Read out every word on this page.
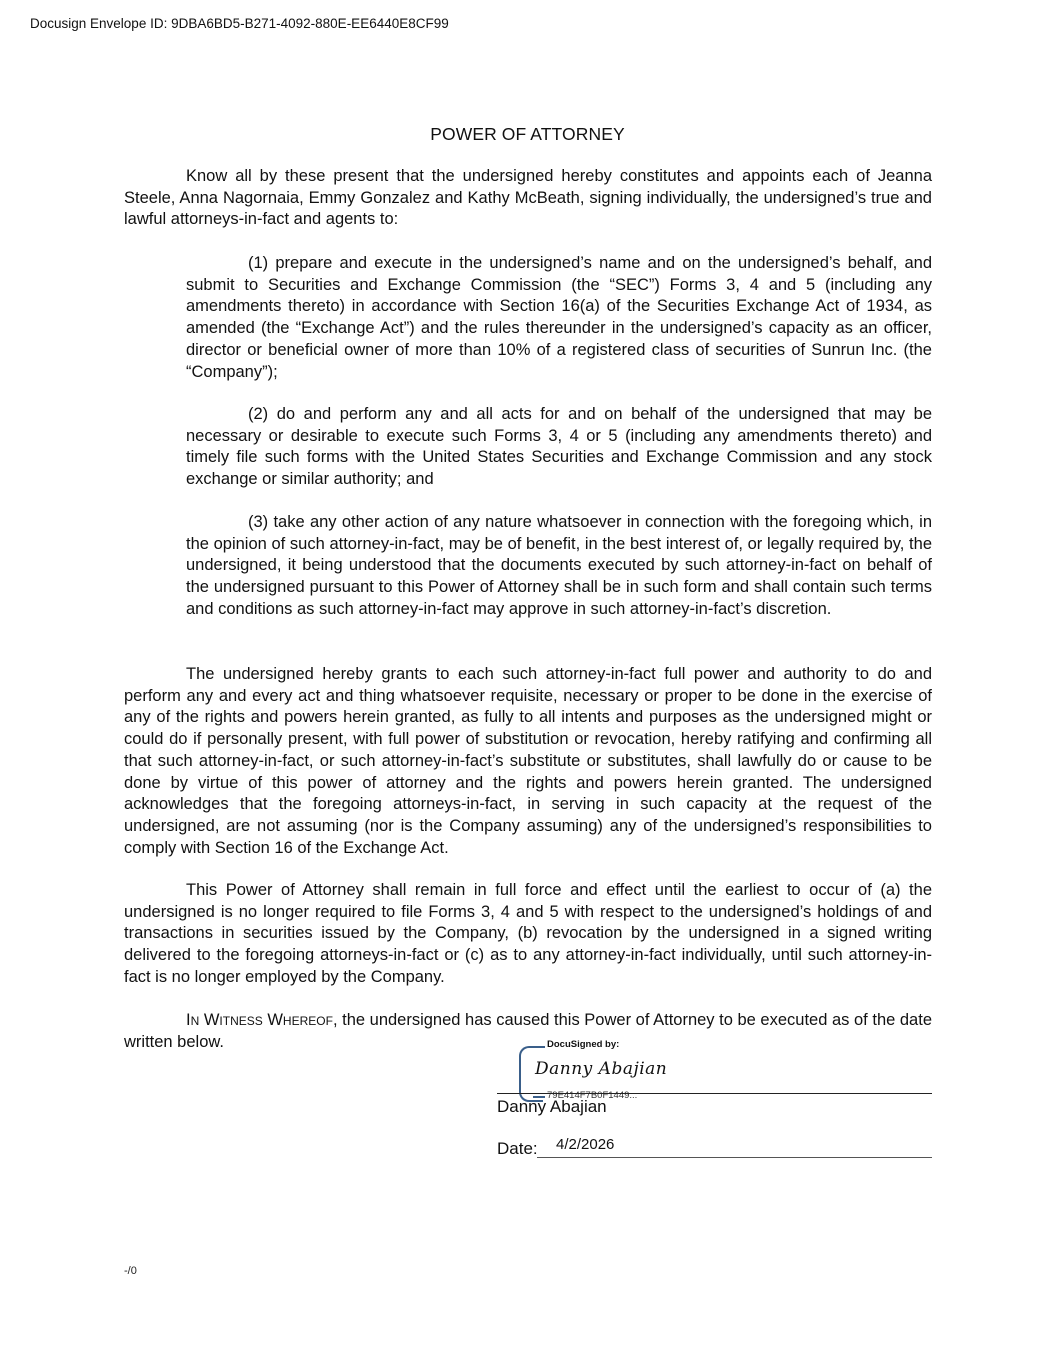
Docusign Envelope ID: 9DBA6BD5-B271-4092-880E-EE6440E8CF99
POWER OF ATTORNEY
Know all by these present that the undersigned hereby constitutes and appoints each of Jeanna Steele, Anna Nagornaia, Emmy Gonzalez and Kathy McBeath, signing individually, the undersigned’s true and lawful attorneys-in-fact and agents to:
(1) prepare and execute in the undersigned’s name and on the undersigned’s behalf, and submit to Securities and Exchange Commission (the “SEC”) Forms 3, 4 and 5 (including any amendments thereto) in accordance with Section 16(a) of the Securities Exchange Act of 1934, as amended (the “Exchange Act”) and the rules thereunder in the undersigned’s capacity as an officer, director or beneficial owner of more than 10% of a registered class of securities of Sunrun Inc. (the “Company”);
(2) do and perform any and all acts for and on behalf of the undersigned that may be necessary or desirable to execute such Forms 3, 4 or 5 (including any amendments thereto) and timely file such forms with the United States Securities and Exchange Commission and any stock exchange or similar authority; and
(3) take any other action of any nature whatsoever in connection with the foregoing which, in the opinion of such attorney-in-fact, may be of benefit, in the best interest of, or legally required by, the undersigned, it being understood that the documents executed by such attorney-in-fact on behalf of the undersigned pursuant to this Power of Attorney shall be in such form and shall contain such terms and conditions as such attorney-in-fact may approve in such attorney-in-fact’s discretion.
The undersigned hereby grants to each such attorney-in-fact full power and authority to do and perform any and every act and thing whatsoever requisite, necessary or proper to be done in the exercise of any of the rights and powers herein granted, as fully to all intents and purposes as the undersigned might or could do if personally present, with full power of substitution or revocation, hereby ratifying and confirming all that such attorney-in-fact, or such attorney-in-fact’s substitute or substitutes, shall lawfully do or cause to be done by virtue of this power of attorney and the rights and powers herein granted. The undersigned acknowledges that the foregoing attorneys-in-fact, in serving in such capacity at the request of the undersigned, are not assuming (nor is the Company assuming) any of the undersigned’s responsibilities to comply with Section 16 of the Exchange Act.
This Power of Attorney shall remain in full force and effect until the earliest to occur of (a) the undersigned is no longer required to file Forms 3, 4 and 5 with respect to the undersigned’s holdings of and transactions in securities issued by the Company, (b) revocation by the undersigned in a signed writing delivered to the foregoing attorneys-in-fact or (c) as to any attorney-in-fact individually, until such attorney-in-fact is no longer employed by the Company.
In Witness Whereof, the undersigned has caused this Power of Attorney to be executed as of the date written below.	DocuSigned by:
Danny Abajian
79E414F7B0F1449...
Danny Abajian
Date: 4/2/2026
-/0
